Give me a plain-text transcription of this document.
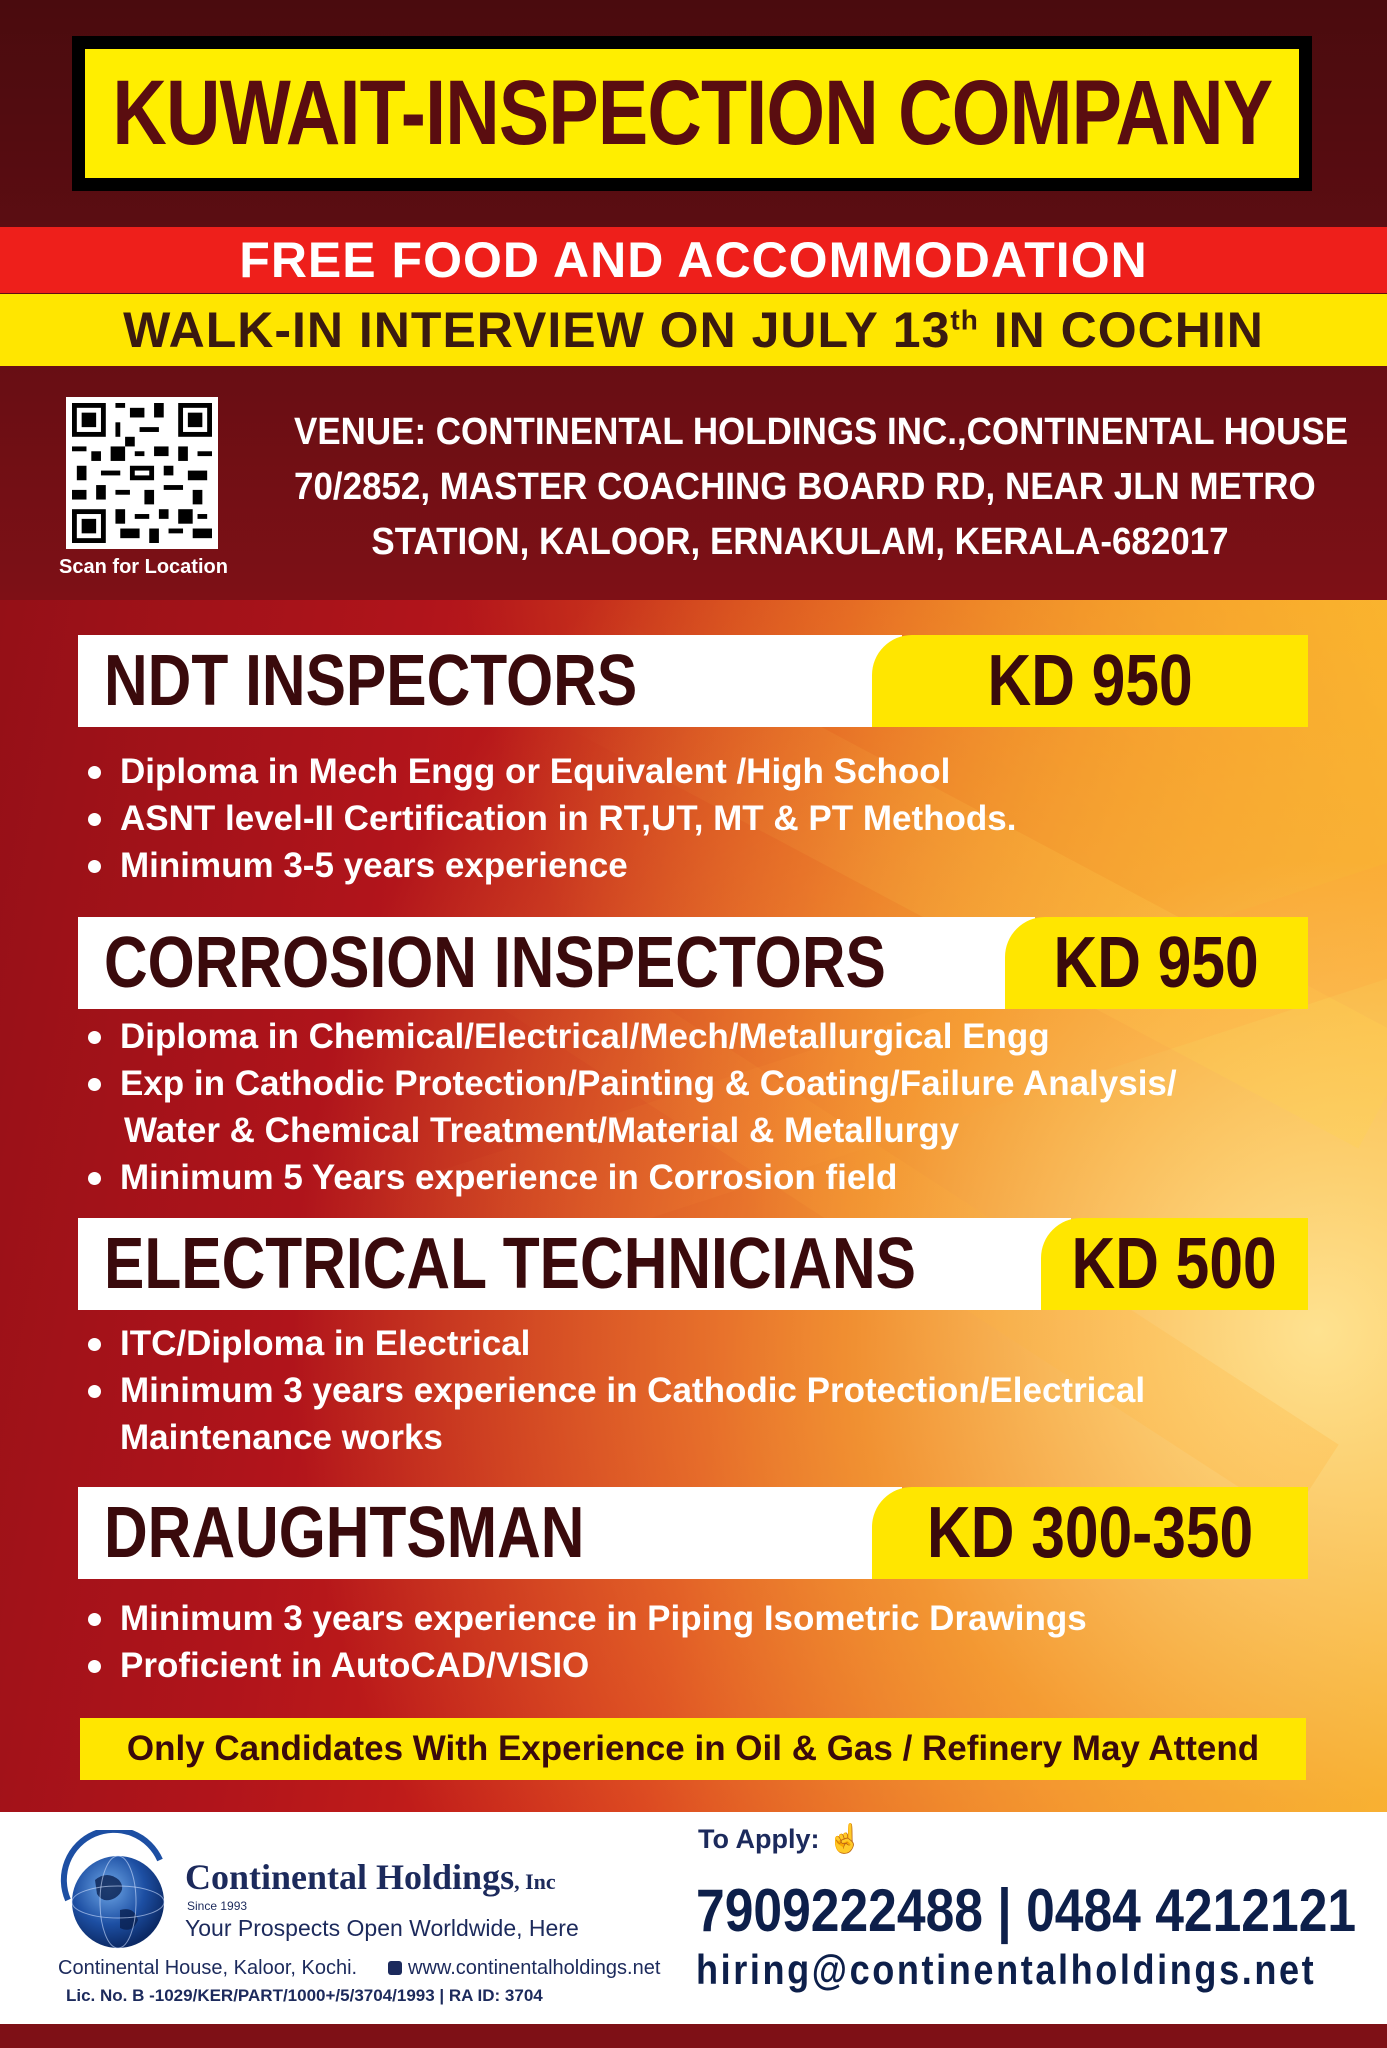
KUWAIT-INSPECTION COMPANY
FREE FOOD AND ACCOMMODATION
WALK-IN INTERVIEW ON JULY 13th IN COCHIN
Scan for Location
VENUE: CONTINENTAL HOLDINGS INC.,CONTINENTAL HOUSE
70/2852, MASTER COACHING BOARD RD, NEAR JLN METRO
STATION, KALOOR, ERNAKULAM, KERALA-682017
NDT INSPECTORS	KD 950
Diploma in Mech Engg or Equivalent /High School
ASNT level-II Certification in RT,UT, MT & PT Methods.
Minimum 3-5 years experience
CORROSION INSPECTORS KD 950
Diploma in Chemical/Electrical/Mech/Metallurgical Engg
Exp in Cathodic Protection/Painting & Coating/Failure Analysis/
Water & Chemical Treatment/Material & Metallurgy
Minimum 5 Years experience in Corrosion field
ELECTRICAL TECHNICIANS KD 500
ITC/Diploma in Electrical
Minimum 3 years experience in Cathodic Protection/Electrical
Maintenance works
DRAUGHTSMAN	KD 300-350
Minimum 3 years experience in Piping Isometric Drawings
Proficient in AutoCAD/VISIO
Only Candidates With Experience in Oil & Gas / Refinery May Attend
Continental Holdings, Inc
Since 1993
Your Prospects Open Worldwide, Here
Continental House, Kaloor, Kochi.	www.continentalholdings.net
Lic. No. B -1029/KER/PART/1000+/5/3704/1993 | RA ID: 3704
To Apply: ☝
7909222488 | 0484 4212121
hiring@continentalholdings.net
